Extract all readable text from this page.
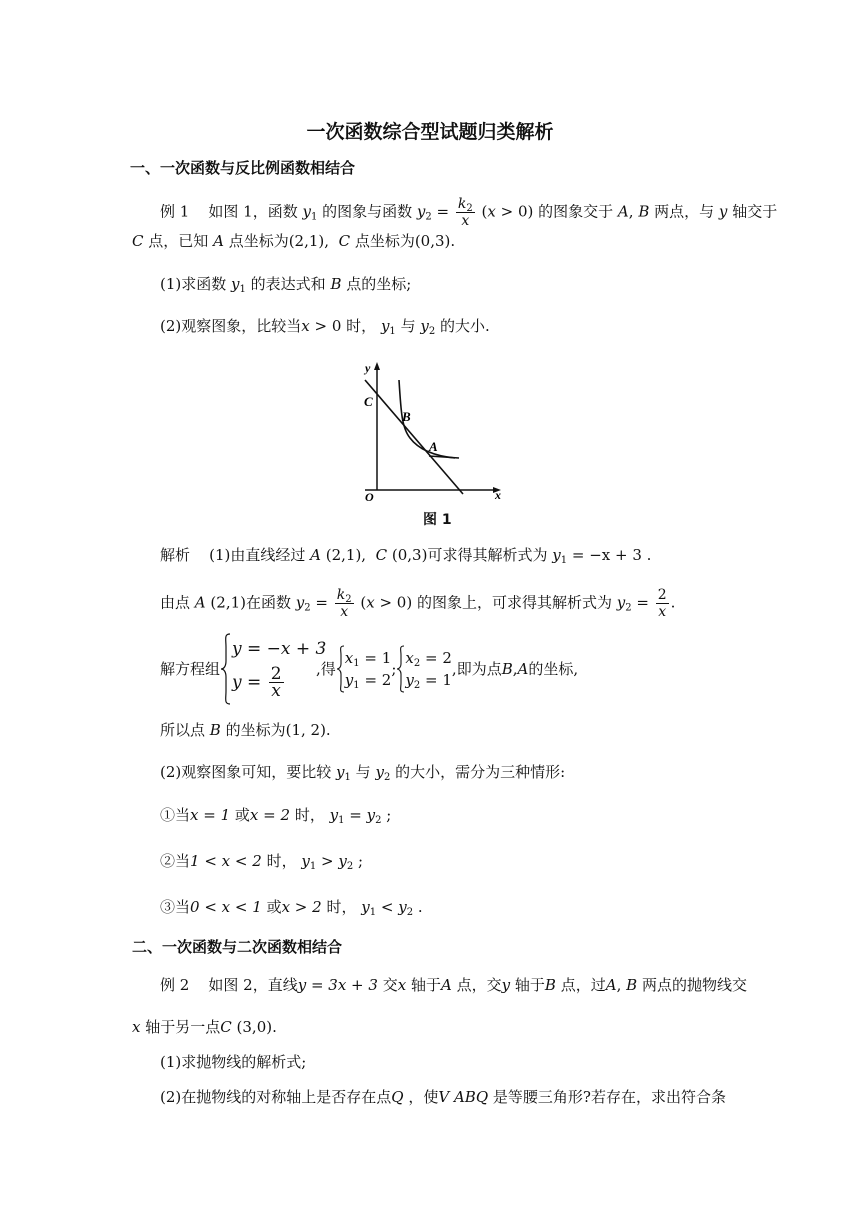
一次函数综合型试题归类解析
一、一次函数与反比例函数相结合
例 1 如图 1，函数 $y_1$ 的图象与函数 $y_2 = \frac{k_2}{x} (x > 0)$ 的图象交于 A, B 两点，与 y 轴交于
C 点，已知 A 点坐标为(2,1), C 点坐标为(0,3).
(1)求函数 $y_1$ 的表达式和 B 点的坐标;
(2)观察图象，比较当x > 0 时， $y_1$ 与 $y_2$ 的大小.
y
x
O
C
B
A
图 1
解析 (1)由直线经过 A (2,1), C (0,3)可求得其解析式为 $y_1 = -x + 3$ .
由点 A (2,1)在函数 $y_2 = \frac{k_2}{x} (x > 0)$ 的图象上，可求得其解析式为 $y_2 = \frac{2}{x}$ .
解方程组
y = −x + 3
$y = \frac{2}{x}$ ,得
$x_1 = 1$
$y_1 = 2$
;
$x_2 = 2$
$y_2 = 1$
,即为点 B , A 的坐标,
所以点 B 的坐标为(1, 2).
(2)观察图象可知，要比较 $y_1$ 与 $y_2$ 的大小，需分为三种情形:
①当x = 1 或x = 2 时， $y_1 = y_2$ ;
②当1 < x < 2 时， $y_1 > y_2$ ;
③当0 < x < 1 或x > 2 时， $y_1 < y_2$ .
二、一次函数与二次函数相结合
例 2 如图 2，直线y = 3x + 3 交x 轴于A 点，交y 轴于B 点，过A, B 两点的抛物线交
x 轴于另一点C (3,0).
(1)求抛物线的解析式;
(2)在抛物线的对称轴上是否存在点Q ，使V ABQ 是等腰三角形?若存在，求出符合条
